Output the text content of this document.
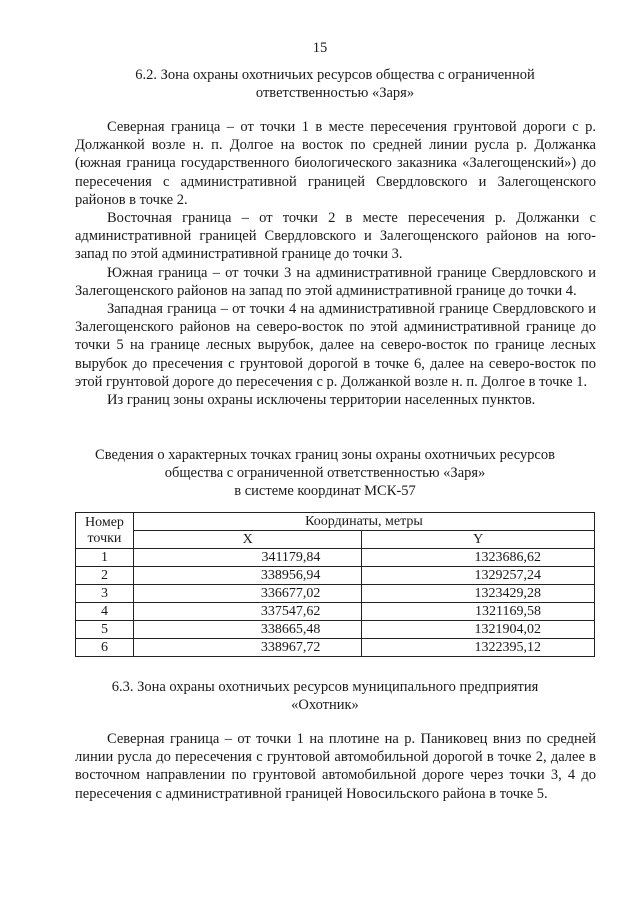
15
6.2. Зона охраны охотничьих ресурсов общества с ограниченной
ответственностью «Заря»

Северная граница – от точки 1 в месте пересечения грунтовой дороги с р. Должанкой возле н. п. Долгое на восток по средней линии русла р. Должанка (южная граница государственного биологического заказника «Залегощенский») до пересечения с административной границей Свердловского и Залегощенского районов в точке 2.

Восточная граница – от точки 2 в месте пересечения р. Должанки с административной границей Свердловского и Залегощенского районов на юго-запад по этой административной границе до точки 3.

Южная граница – от точки 3 на административной границе Свердловского и Залегощенского районов на запад по этой административной границе до точки 4.

Западная граница – от точки 4 на административной границе Свердловского и Залегощенского районов на северо-восток по этой административной границе до точки 5 на границе лесных вырубок, далее на северо-восток по границе лесных вырубок до пресечения с грунтовой дорогой в точке 6, далее на северо-восток по этой грунтовой дороге до пересечения с р. Должанкой возле н. п. Долгое в точке 1.

Из границ зоны охраны исключены территории населенных пунктов.

Сведения о характерных точках границ зоны охраны охотничьих ресурсов
общества с ограниченной ответственностью «Заря»
в системе координат МСК-57
Номер
точки	Координаты, метры	
	X	Y
1	341179,84	1323686,62
2	338956,94	1329257,24
3	336677,02	1323429,28
4	337547,62	1321169,58
5	338665,48	1321904,02
6	338967,72	1322395,12
6.3. Зона охраны охотничьих ресурсов муниципального предприятия
«Охотник»

Северная граница – от точки 1 на плотине на р. Паниковец вниз по средней линии русла до пересечения с грунтовой автомобильной дорогой в точке 2, далее в восточном направлении по грунтовой автомобильной дороге через точки 3, 4 до пересечения с административной границей Новосильского района в точке 5.
